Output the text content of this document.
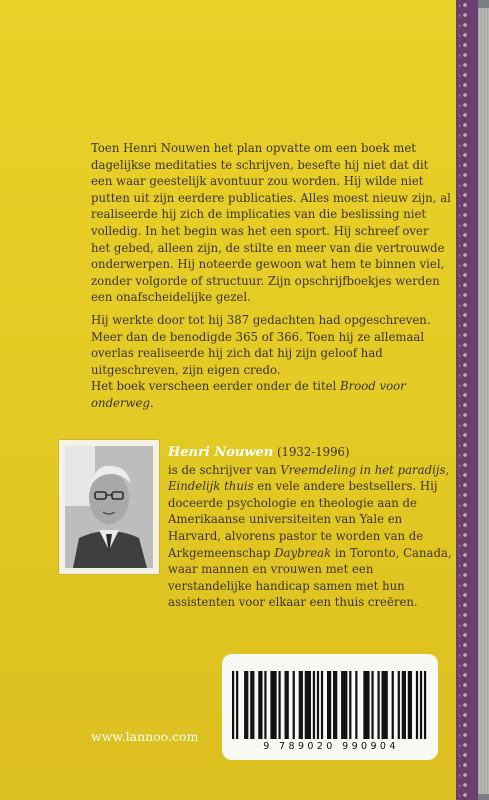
Toen Henri Nouwen het plan opvatte om een boek met dagelijkse meditaties te schrijven, besefte hij niet dat dit een waar geestelijk avontuur zou worden. Hij wilde niet putten uit zijn eerdere publicaties. Alles moest nieuw zijn, al realiseerde hij zich de implicaties van die beslissing niet volledig. In het begin was het een sport. Hij schreef over het gebed, alleen zijn, de stilte en meer van die vertrouwde onderwerpen. Hij noteerde gewoon wat hem te binnen viel, zonder volgorde of structuur. Zijn opschrijfboekjes werden een onafscheidelijke gezel.

Hij werkte door tot hij 387 gedachten had opgeschreven. Meer dan de benodigde 365 of 366. Toen hij ze allemaal overlas realiseerde hij zich dat hij zijn geloof had uitgeschreven, zijn eigen credo.

Het boek verscheen eerder onder de titel Brood voor onderweg.

Henri Nouwen (1932-1996)
is de schrijver van Vreemdeling in het paradijs, Eindelijk thuis en vele andere bestsellers. Hij doceerde psychologie en theologie aan de Amerikaanse universiteiten van Yale en Harvard, alvorens pastor te worden van de Arkgemeenschap Daybreak in Toronto, Canada, waar mannen en vrouwen met een verstandelijke handicap samen met hun assistenten voor elkaar een thuis creëren.
www.lannoo.com
9 789020 990904
